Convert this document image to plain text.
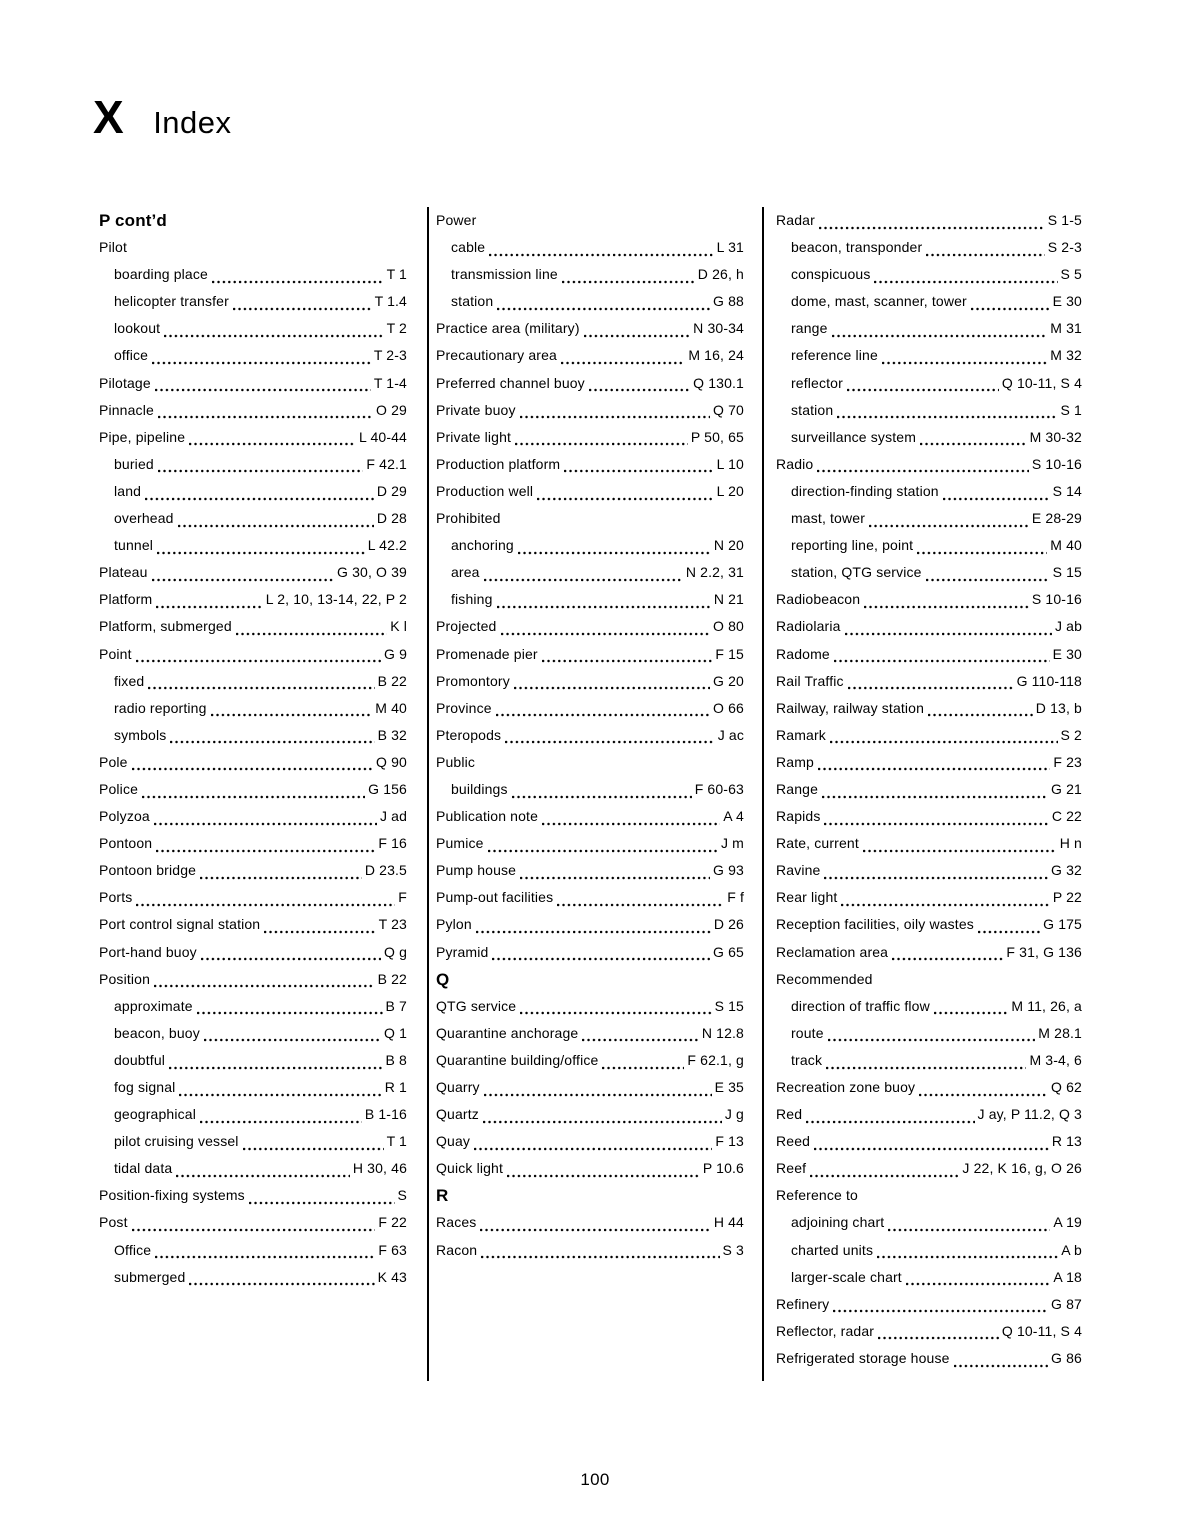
X Index
P cont’d
Pilot
boarding place	T 1
helicopter transfer	T 1.4
lookout	T 2
office	T 2-3
Pilotage	T 1-4
Pinnacle	O 29
Pipe, pipeline	L 40-44
buried	F 42.1
land	D 29
overhead	D 28
tunnel	L 42.2
Plateau	G 30, O 39
Platform	L 2, 10, 13-14, 22, P 2
Platform, submerged	K l
Point	G 9
fixed	B 22
radio reporting	M 40
symbols	B 32
Pole	Q 90
Police	G 156
Polyzoa	J ad
Pontoon	F 16
Pontoon bridge	D 23.5
Ports	F
Port control signal station	T 23
Port-hand buoy	Q g
Position	B 22
approximate	B 7
beacon, buoy	Q 1
doubtful	B 8
fog signal	R 1
geographical	B 1-16
pilot cruising vessel	T 1
tidal data	H 30, 46
Position-fixing systems	S
Post	F 22
Office	F 63
submerged	K 43
Power
cable	L 31
transmission line	D 26, h
station	G 88
Practice area (military)	N 30-34
Precautionary area	M 16, 24
Preferred channel buoy	Q 130.1
Private buoy	Q 70
Private light	P 50, 65
Production platform	L 10
Production well	L 20
Prohibited
anchoring	N 20
area	N 2.2, 31
fishing	N 21
Projected	O 80
Promenade pier	F 15
Promontory	G 20
Province	O 66
Pteropods	J ac
Public
buildings	F 60-63
Publication note	A 4
Pumice	J m
Pump house	G 93
Pump-out facilities	F f
Pylon	D 26
Pyramid	G 65
Q
QTG service	S 15
Quarantine anchorage	N 12.8
Quarantine building/office	F 62.1, g
Quarry	E 35
Quartz	J g
Quay	F 13
Quick light	P 10.6
R
Races	H 44
Racon	S 3
Radar	S 1-5
beacon, transponder	S 2-3
conspicuous	S 5
dome, mast, scanner, tower	E 30
range	M 31
reference line	M 32
reflector	Q 10-11, S 4
station	S 1
surveillance system	M 30-32
Radio	S 10-16
direction-finding station	S 14
mast, tower	E 28-29
reporting line, point	M 40
station, QTG service	S 15
Radiobeacon	S 10-16
Radiolaria	J ab
Radome	E 30
Rail Traffic	G 110-118
Railway, railway station	D 13, b
Ramark	S 2
Ramp	F 23
Range	G 21
Rapids	C 22
Rate, current	H n
Ravine	G 32
Rear light	P 22
Reception facilities, oily wastes	G 175
Reclamation area	F 31, G 136
Recommended
direction of traffic flow	M 11, 26, a
route	M 28.1
track	M 3-4, 6
Recreation zone buoy	Q 62
Red	J ay, P 11.2, Q 3
Reed	R 13
Reef	J 22, K 16, g, O 26
Reference to
adjoining chart	A 19
charted units	A b
larger-scale chart	A 18
Refinery	G 87
Reflector, radar	Q 10-11, S 4
Refrigerated storage house	G 86
100
